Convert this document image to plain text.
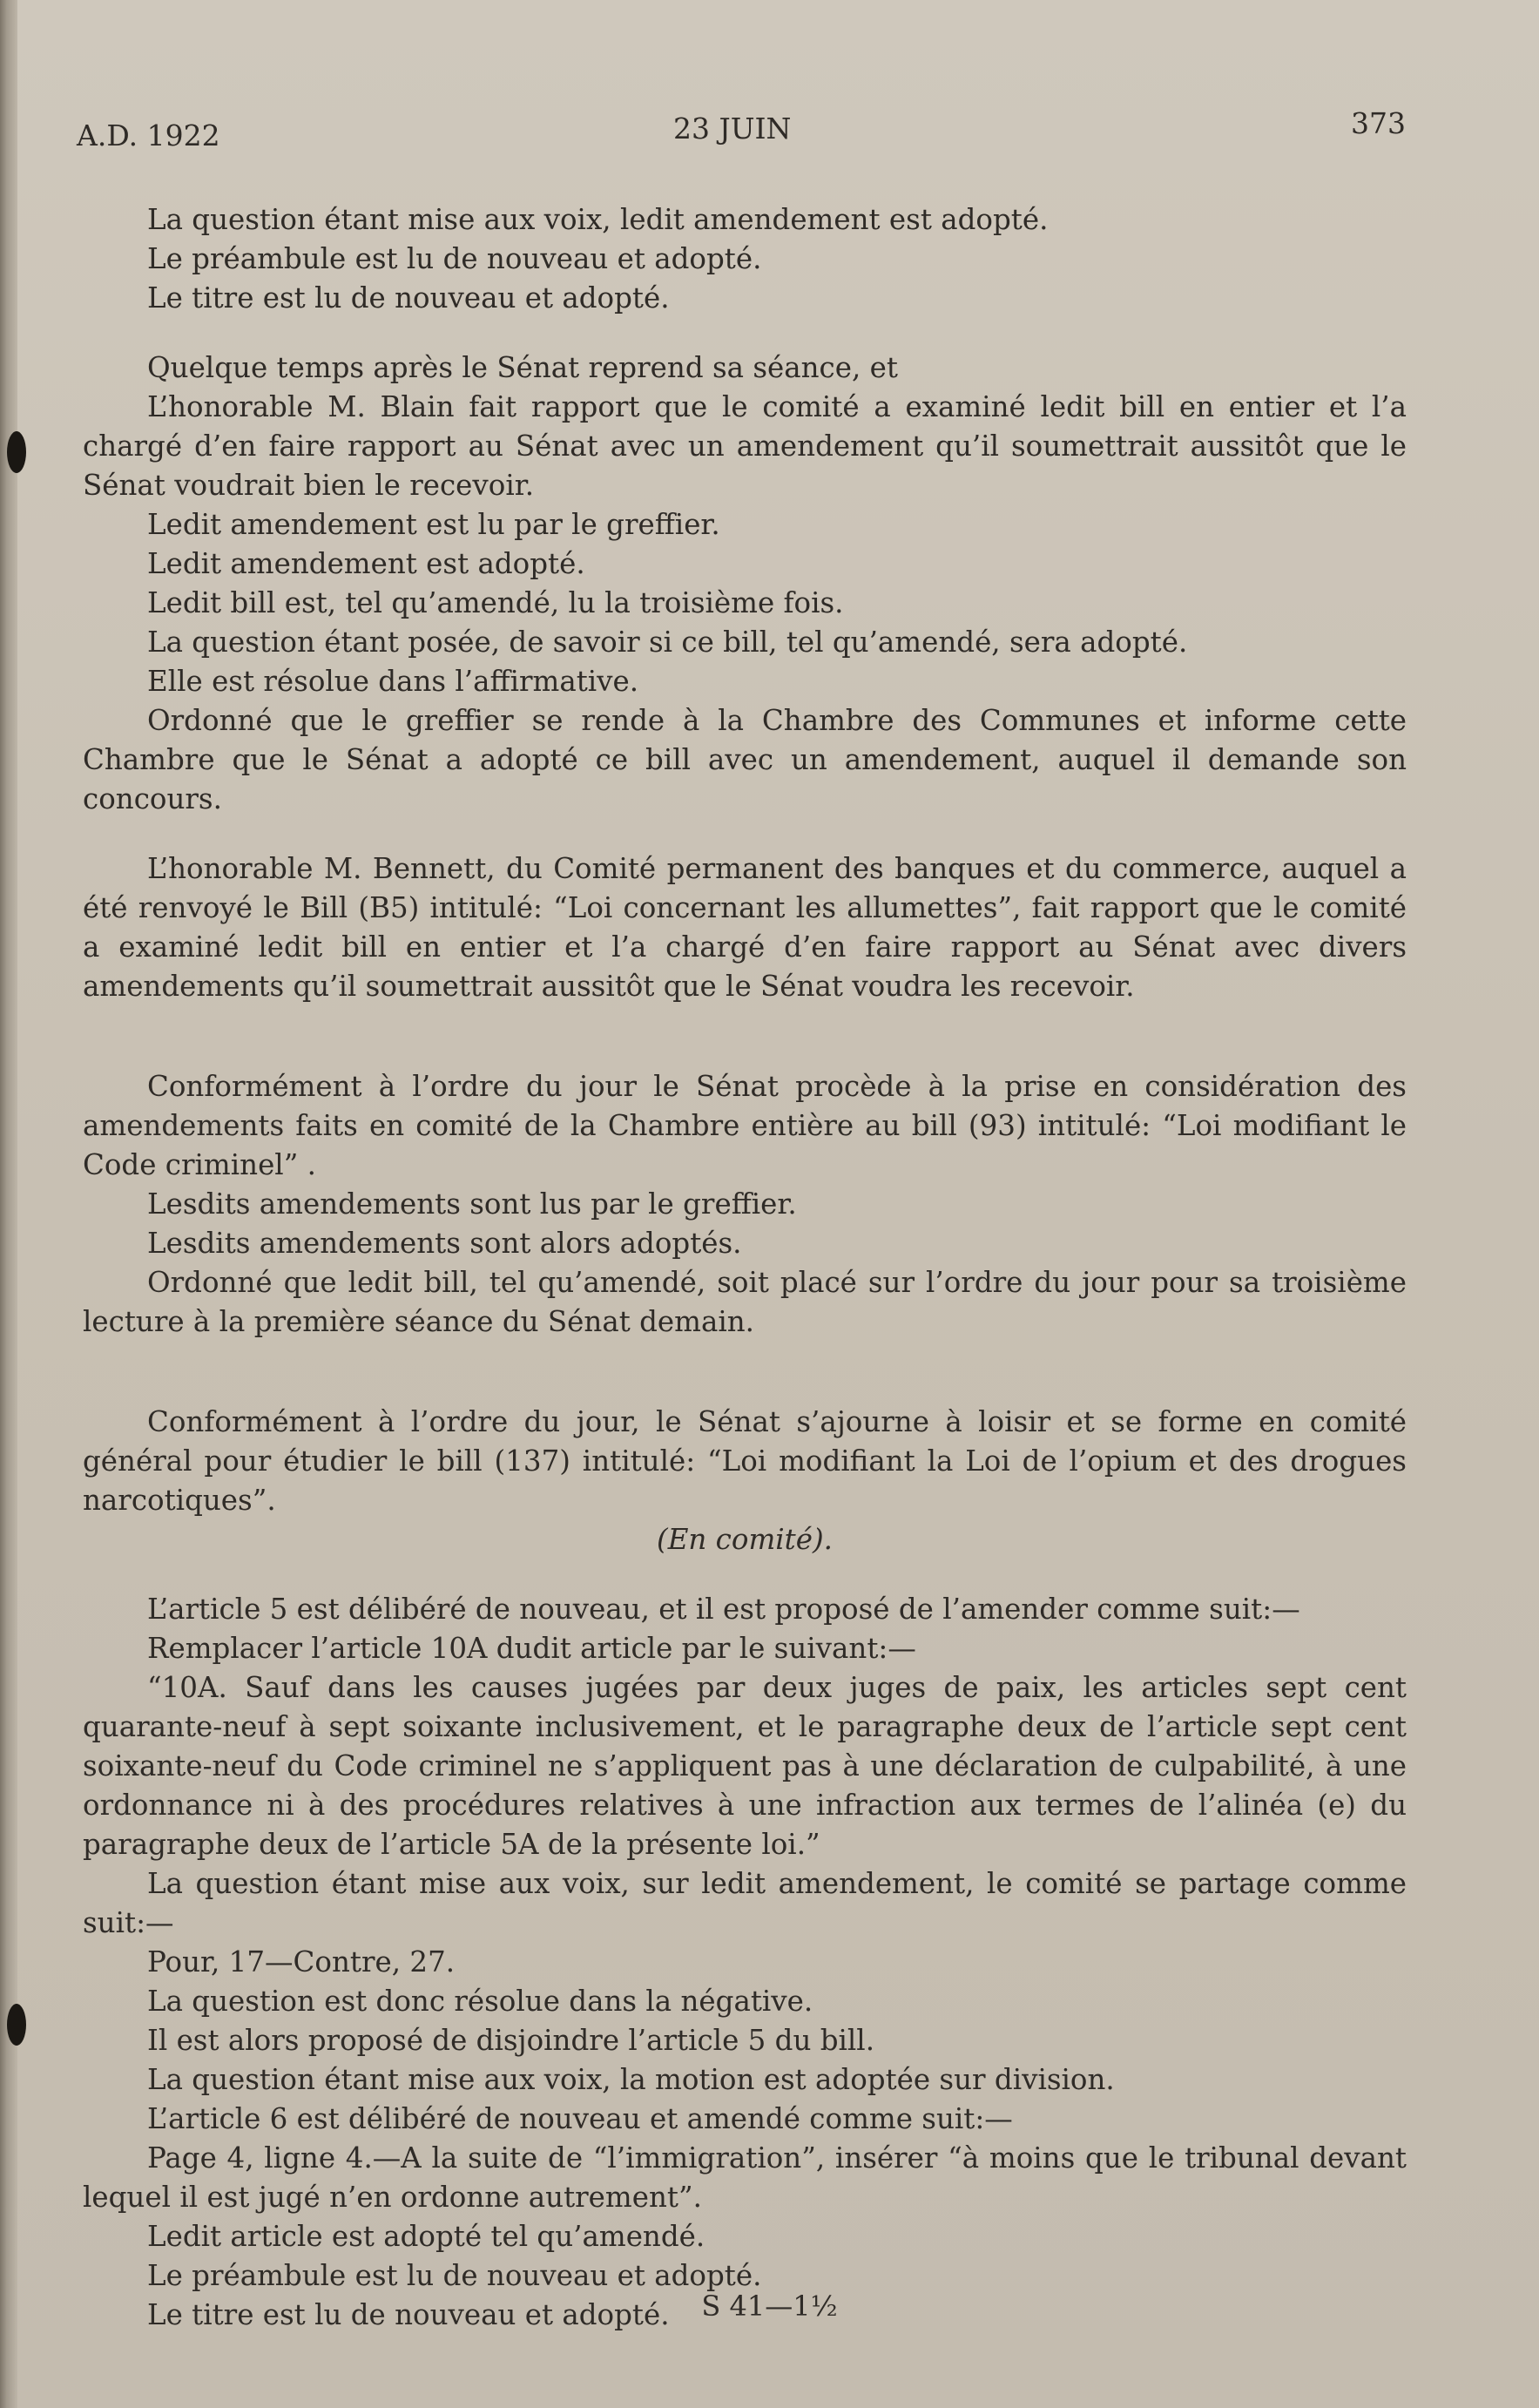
A.D. 1922	23 JUIN	373

La question étant mise aux voix, ledit amendement est adopté.

Le préambule est lu de nouveau et adopté.

Le titre est lu de nouveau et adopté.

Quelque temps après le Sénat reprend sa séance, et

L’honorable M. Blain fait rapport que le comité a examiné ledit bill en entier et l’a chargé d’en faire rapport au Sénat avec un amendement qu’il soumettrait aussitôt que le Sénat voudrait bien le recevoir.

Ledit amendement est lu par le greffier.

Ledit amendement est adopté.

Ledit bill est, tel qu’amendé, lu la troisième fois.

La question étant posée, de savoir si ce bill, tel qu’amendé, sera adopté.

Elle est résolue dans l’affirmative.

Ordonné que le greffier se rende à la Chambre des Communes et informe cette Chambre que le Sénat a adopté ce bill avec un amendement, auquel il demande son concours.

L’honorable M. Bennett, du Comité permanent des banques et du commerce, auquel a été renvoyé le Bill (B5) intitulé: “Loi concernant les allumettes”, fait rapport que le comité a examiné ledit bill en entier et l’a chargé d’en faire rapport au Sénat avec divers amendements qu’il soumettrait aussitôt que le Sénat voudra les recevoir.

Conformément à l’ordre du jour le Sénat procède à la prise en considération des amendements faits en comité de la Chambre entière au bill (93) intitulé: “Loi modifiant le Code criminel” .

Lesdits amendements sont lus par le greffier.

Lesdits amendements sont alors adoptés.

Ordonné que ledit bill, tel qu’amendé, soit placé sur l’ordre du jour pour sa troisième lecture à la première séance du Sénat demain.

Conformément à l’ordre du jour, le Sénat s’ajourne à loisir et se forme en comité général pour étudier le bill (137) intitulé: “Loi modifiant la Loi de l’opium et des drogues narcotiques”.

(En comité).

L’article 5 est délibéré de nouveau, et il est proposé de l’amender comme suit:—

Remplacer l’article 10A dudit article par le suivant:—

“10A. Sauf dans les causes jugées par deux juges de paix, les articles sept cent quarante-neuf à sept soixante inclusivement, et le paragraphe deux de l’article sept cent soixante-neuf du Code criminel ne s’appliquent pas à une déclaration de culpabilité, à une ordonnance ni à des procédures relatives à une infraction aux termes de l’alinéa (e) du paragraphe deux de l’article 5A de la présente loi.”

La question étant mise aux voix, sur ledit amendement, le comité se partage comme suit:—

Pour, 17—Contre, 27.

La question est donc résolue dans la négative.

Il est alors proposé de disjoindre l’article 5 du bill.

La question étant mise aux voix, la motion est adoptée sur division.

L’article 6 est délibéré de nouveau et amendé comme suit:—

Page 4, ligne 4.—A la suite de “l’immigration”, insérer “à moins que le tribunal devant lequel il est jugé n’en ordonne autrement”.

Ledit article est adopté tel qu’amendé.

Le préambule est lu de nouveau et adopté.

Le titre est lu de nouveau et adopté.	S 41—1½
